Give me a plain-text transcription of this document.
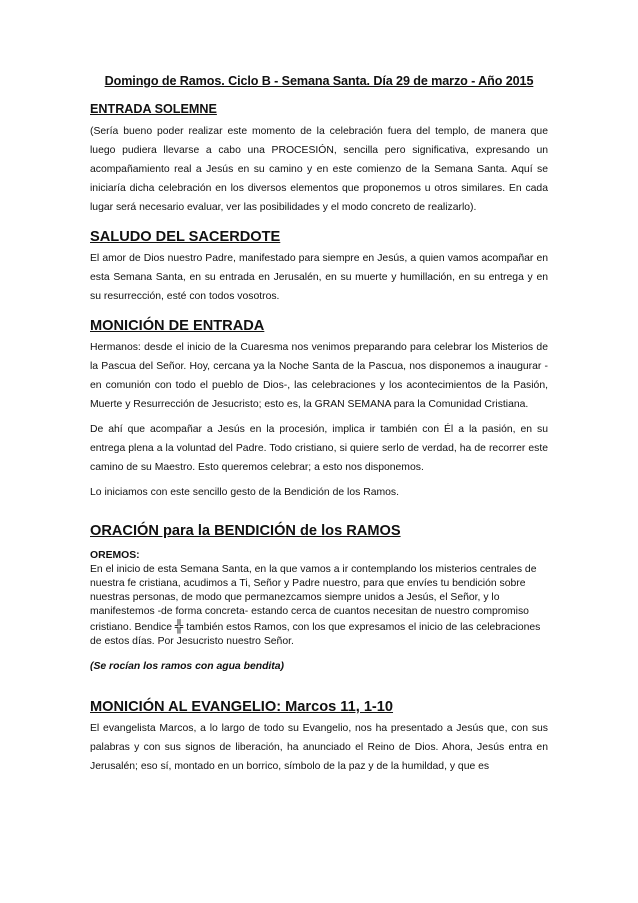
Domingo de Ramos. Ciclo B - Semana Santa. Día 29 de marzo - Año 2015

ENTRADA SOLEMNE

(Sería bueno poder realizar este momento de la celebración fuera del templo, de manera que luego pudiera llevarse a cabo una PROCESIÓN, sencilla pero significativa, expresando un acompañamiento real a Jesús en su camino y en este comienzo de la Semana Santa. Aquí se iniciaría dicha celebración en los diversos elementos que proponemos u otros similares. En cada lugar será necesario evaluar, ver las posibilidades y el modo concreto de realizarlo).

SALUDO DEL SACERDOTE

El amor de Dios nuestro Padre, manifestado para siempre en Jesús, a quien vamos acompañar en esta Semana Santa, en su entrada en Jerusalén, en su muerte y humillación, en su entrega y en su resurrección, esté con todos vosotros.

MONICIÓN DE ENTRADA

Hermanos: desde el inicio de la Cuaresma nos venimos preparando para celebrar los Misterios de la Pascua del Señor. Hoy, cercana ya la Noche Santa de la Pascua, nos disponemos a inaugurar -en comunión con todo el pueblo de Dios-, las celebraciones y los acontecimientos de la Pasión, Muerte y Resurrección de Jesucristo; esto es, la GRAN SEMANA para la Comunidad Cristiana.

De ahí que acompañar a Jesús en la procesión, implica ir también con Él a la pasión, en su entrega plena a la voluntad del Padre. Todo cristiano, si quiere serlo de verdad, ha de recorrer este camino de su Maestro. Esto queremos celebrar; a esto nos disponemos.

Lo iniciamos con este sencillo gesto de la Bendición de los Ramos.

ORACIÓN para la BENDICIÓN de los RAMOS

OREMOS:

En el inicio de esta Semana Santa, en la que vamos a ir contemplando los misterios centrales de nuestra fe cristiana, acudimos a Ti, Señor y Padre nuestro, para que envíes tu bendición sobre nuestras personas, de modo que permanezcamos siempre unidos a Jesús, el Señor, y lo manifestemos -de forma concreta- estando cerca de cuantos necesitan de nuestro compromiso cristiano. Bendice ╬ también estos Ramos, con los que expresamos el inicio de las celebraciones de estos días. Por Jesucristo nuestro Señor.

(Se rocían los ramos con agua bendita)

MONICIÓN AL EVANGELIO: Marcos 11, 1-10

El evangelista Marcos, a lo largo de todo su Evangelio, nos ha presentado a Jesús que, con sus palabras y con sus signos de liberación, ha anunciado el Reino de Dios. Ahora, Jesús entra en Jerusalén; eso sí, montado en un borrico, símbolo de la paz y de la humildad, y que es
